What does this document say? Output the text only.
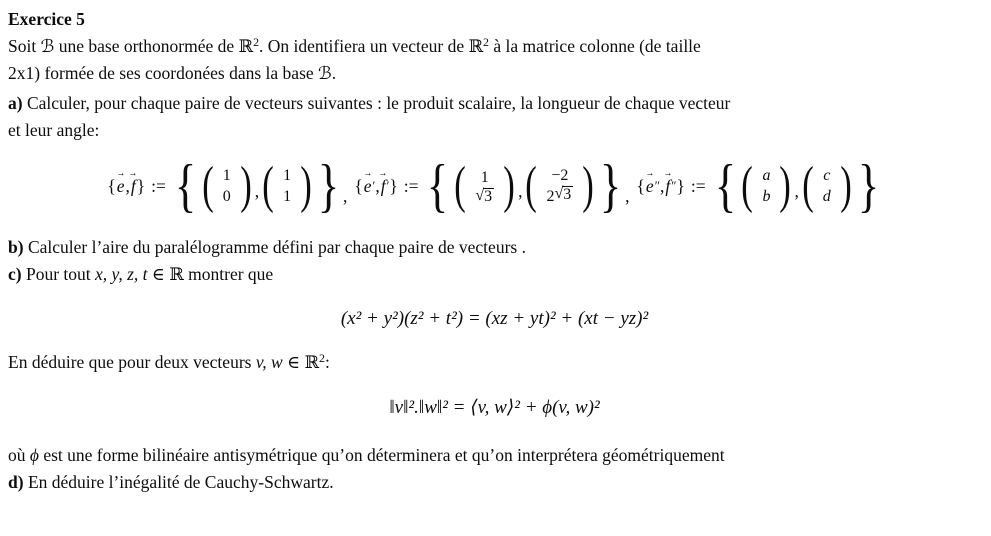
Exercice 5
Soit ℬ une base orthonormée de ℝ$^2$. On identifiera un vecteur de ℝ$^2$ à la matrice colonne (de taille
2x1) formée de ses coordonées dans la base ℬ.
a) Calculer, pour chaque paire de vecteurs suivantes : le produit scalaire, la longueur de chaque vecteur
et leur angle:
{
→
e ,
→
f } := { ( 1
0 ) , ( 1
1 ) } , {
→
e ′ ,
→
f ′ } := { ( 1
√ 3 ) , ( −2
2 √ 3 ) } , {
→
e ″ ,
→
f ″ } := { ( a
b ) , ( c
d ) }
b) Calculer l’aire du paralélogramme défini par chaque paire de vecteurs .
c) Pour tout x, y, z, t ∈ ℝ montrer que
(x² + y²)(z² + t²) = (xz + yt)² + (xt − yz)²
En déduire que pour deux vecteurs v, w ∈ ℝ$^2$:
‖v‖².‖w‖² = ⟨v, w⟩² + ϕ(v, w)²
où ϕ est une forme bilinéaire antisymétrique qu’on déterminera et qu’on interprétera géométriquement
d) En déduire l’inégalité de Cauchy-Schwartz.
